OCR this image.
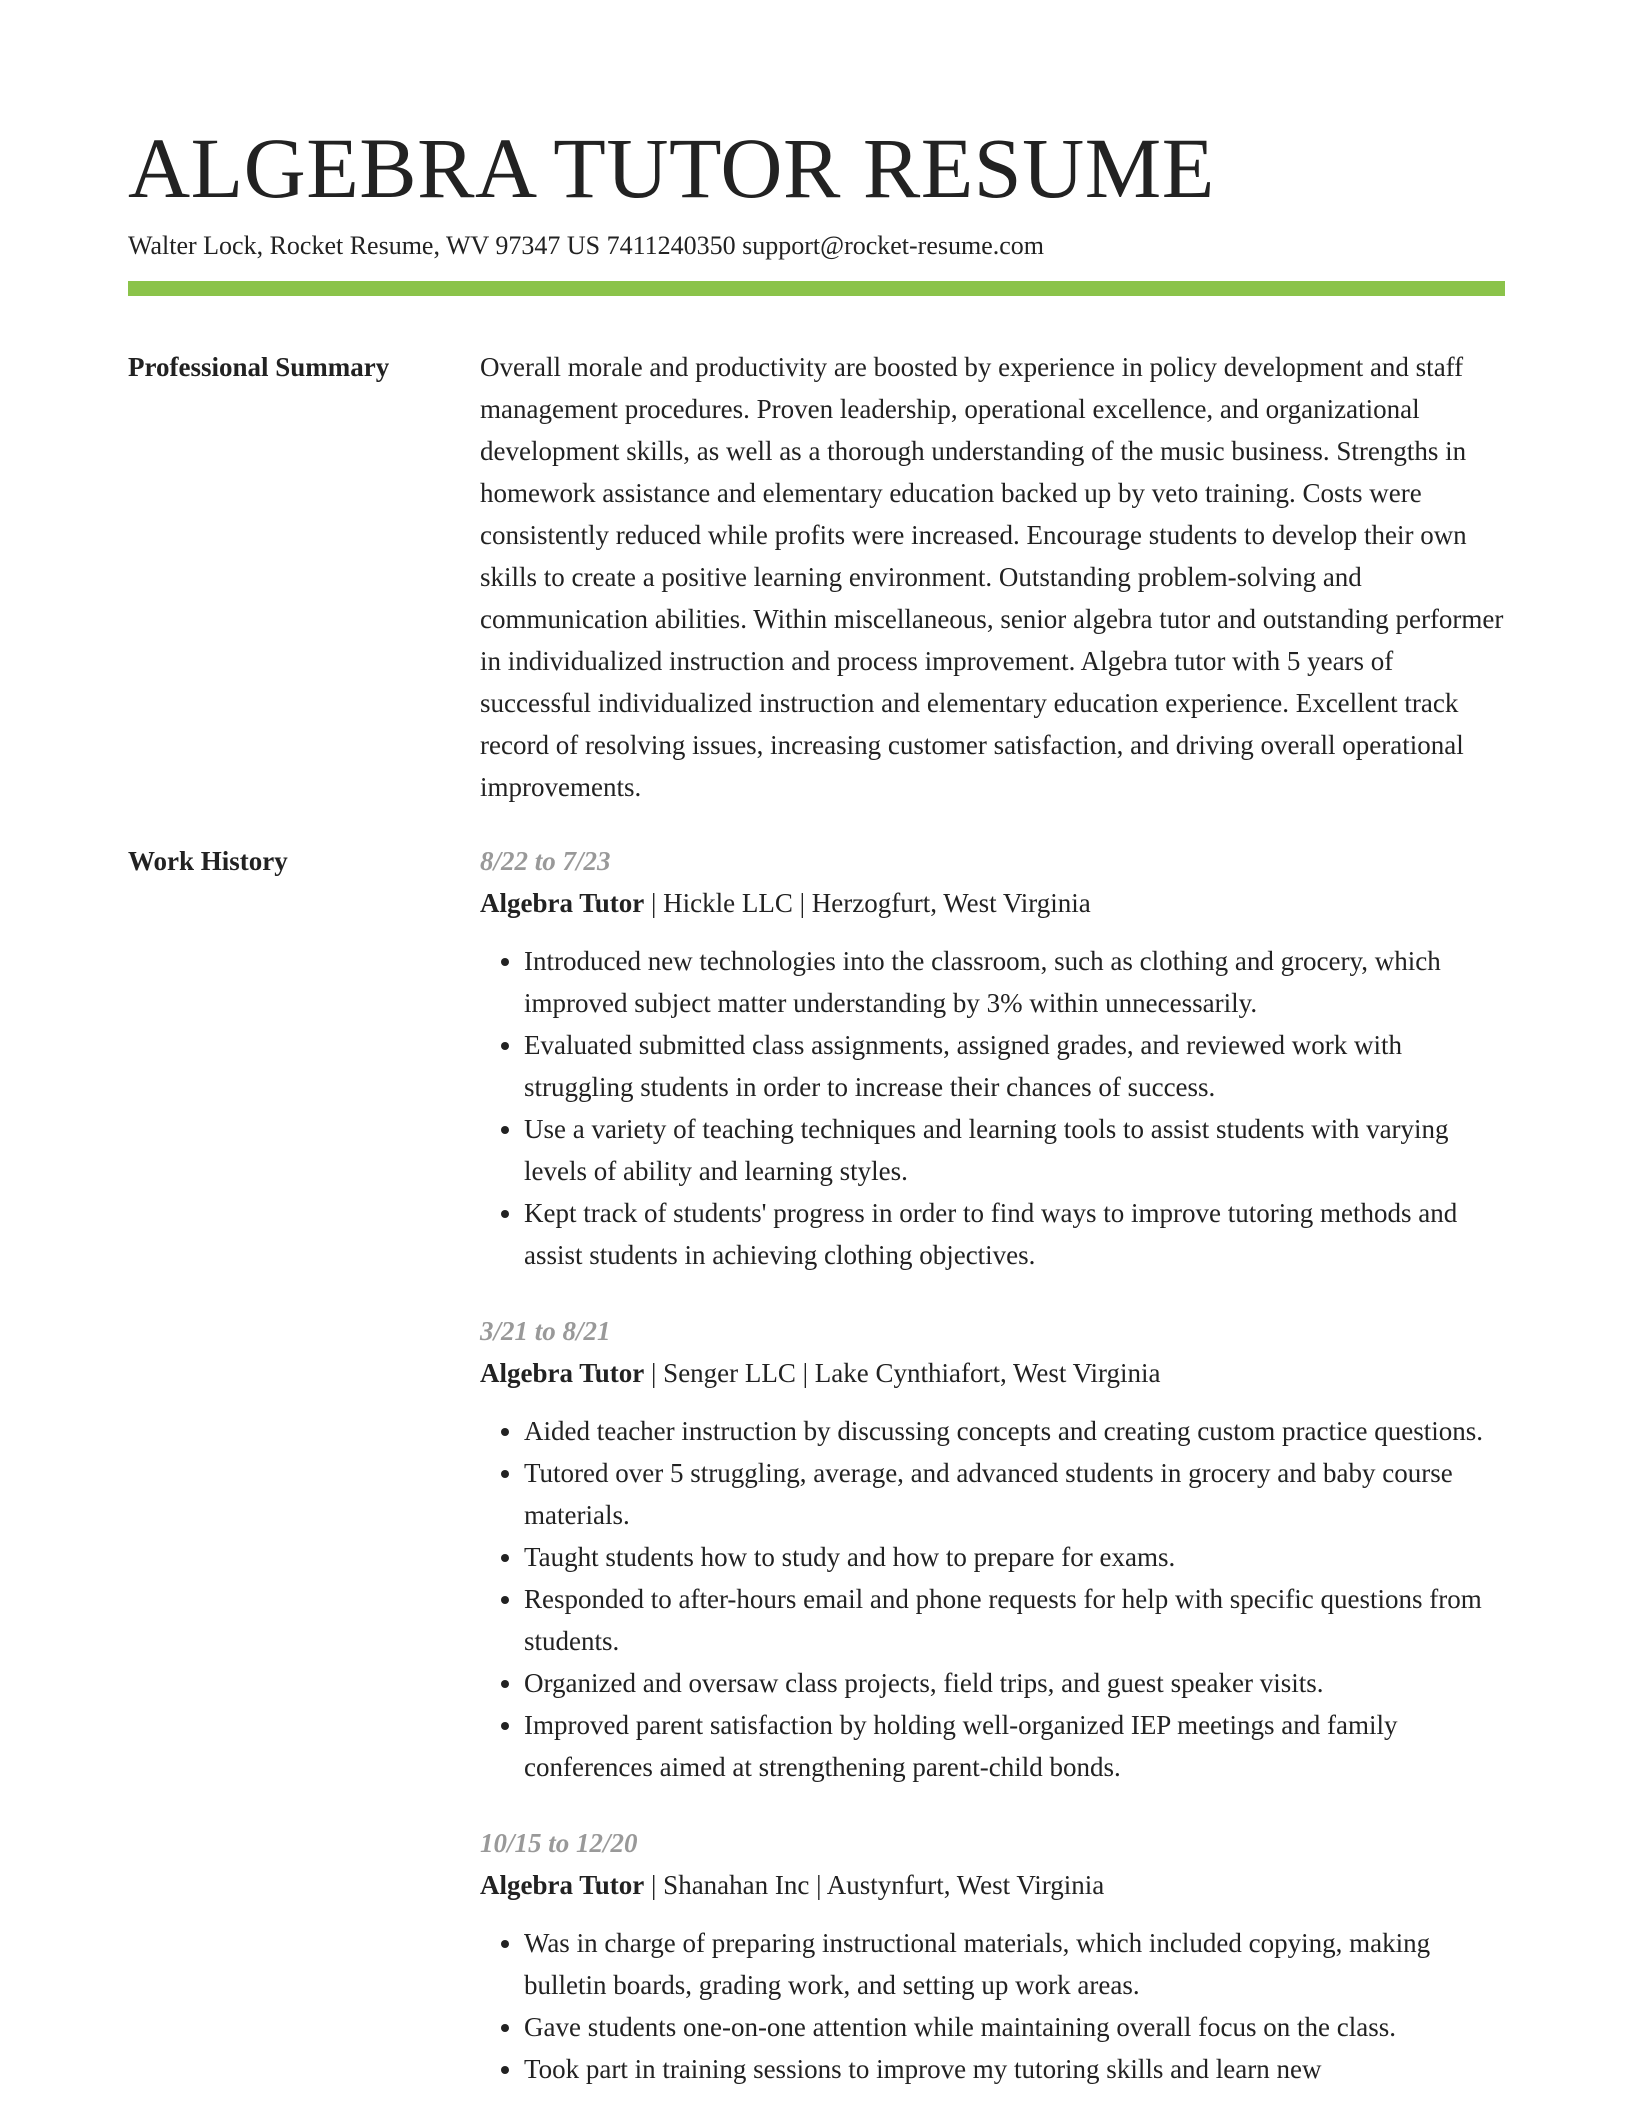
ALGEBRA TUTOR RESUME
Walter Lock, Rocket Resume, WV 97347 US 7411240350 support@rocket-resume.com
Professional Summary	Overall morale and productivity are boosted by experience in policy development and staff management procedures. Proven leadership, operational excellence, and organizational development skills, as well as a thorough understanding of the music business. Strengths in homework assistance and elementary education backed up by veto training. Costs were consistently reduced while profits were increased. Encourage students to develop their own skills to create a positive learning environment. Outstanding problem-solving and communication abilities. Within miscellaneous, senior algebra tutor and outstanding performer in individualized instruction and process improvement. Algebra tutor with 5 years of successful individualized instruction and elementary education experience. Excellent track record of resolving issues, increasing customer satisfaction, and driving overall operational improvements.

Work History	8/22 to 7/23
Algebra Tutor | Hickle LLC | Herzogfurt, West Virginia
• Introduced new technologies into the classroom, such as clothing and grocery, which improved subject matter understanding by 3% within unnecessarily.
• Evaluated submitted class assignments, assigned grades, and reviewed work with struggling students in order to increase their chances of success.
• Use a variety of teaching techniques and learning tools to assist students with varying levels of ability and learning styles.
• Kept track of students' progress in order to find ways to improve tutoring methods and assist students in achieving clothing objectives.
3/21 to 8/21
Algebra Tutor | Senger LLC | Lake Cynthiafort, West Virginia
• Aided teacher instruction by discussing concepts and creating custom practice questions.
• Tutored over 5 struggling, average, and advanced students in grocery and baby course materials.
• Taught students how to study and how to prepare for exams.
• Responded to after-hours email and phone requests for help with specific questions from students.
• Organized and oversaw class projects, field trips, and guest speaker visits.
• Improved parent satisfaction by holding well-organized IEP meetings and family conferences aimed at strengthening parent-child bonds.
10/15 to 12/20
Algebra Tutor | Shanahan Inc | Austynfurt, West Virginia
• Was in charge of preparing instructional materials, which included copying, making bulletin boards, grading work, and setting up work areas.
• Gave students one-on-one attention while maintaining overall focus on the class.
• Took part in training sessions to improve my tutoring skills and learn new
